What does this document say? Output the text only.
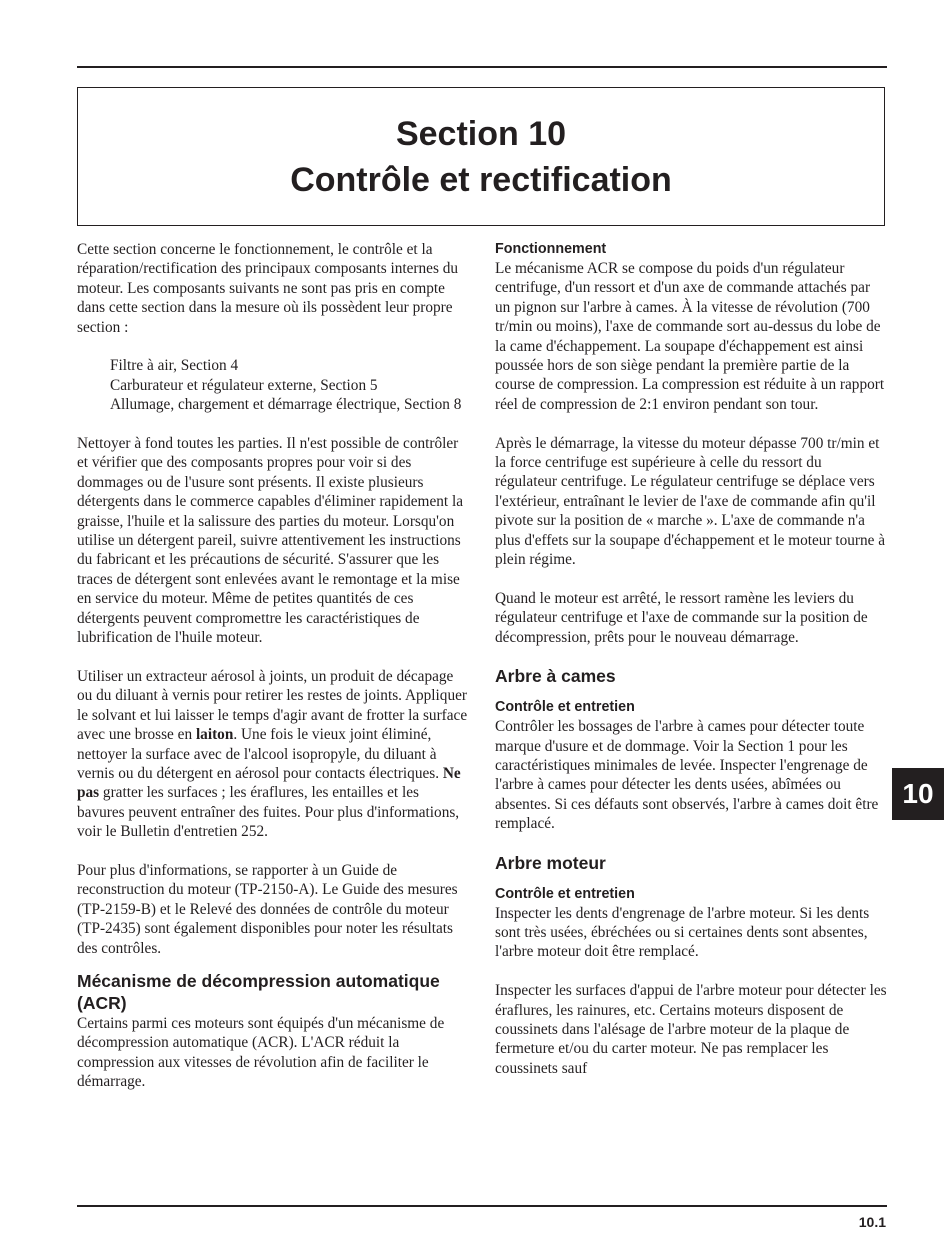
Section 10
Contrôle et rectification

Cette section concerne le fonctionnement, le contrôle et la réparation/rectification des principaux composants internes du moteur. Les composants suivants ne sont pas pris en compte dans cette section dans la mesure où ils possèdent leur propre section :

Filtre à air, Section 4
Carburateur et régulateur externe, Section 5
Allumage, chargement et démarrage électrique, Section 8

Nettoyer à fond toutes les parties. Il n'est possible de contrôler et vérifier que des composants propres pour voir si des dommages ou de l'usure sont présents. Il existe plusieurs détergents dans le commerce capables d'éliminer rapidement la graisse, l'huile et la salissure des parties du moteur. Lorsqu'on utilise un détergent pareil, suivre attentivement les instructions du fabricant et les précautions de sécurité. S'assurer que les traces de détergent sont enlevées avant le remontage et la mise en service du moteur. Même de petites quantités de ces détergents peuvent compromettre les caractéristiques de lubrification de l'huile moteur.

Utiliser un extracteur aérosol à joints, un produit de décapage ou du diluant à vernis pour retirer les restes de joints. Appliquer le solvant et lui laisser le temps d'agir avant de frotter la surface avec une brosse en laiton. Une fois le vieux joint éliminé, nettoyer la surface avec de l'alcool isopropyle, du diluant à vernis ou du détergent en aérosol pour contacts électriques. Ne pas gratter les surfaces ; les éraflures, les entailles et les bavures peuvent entraîner des fuites. Pour plus d'informations, voir le Bulletin d'entretien 252.

Pour plus d'informations, se rapporter à un Guide de reconstruction du moteur (TP-2150-A). Le Guide des mesures (TP-2159-B) et le Relevé des données de contrôle du moteur (TP-2435) sont également disponibles pour noter les résultats des contrôles.

Mécanisme de décompression automatique (ACR)

Certains parmi ces moteurs sont équipés d'un mécanisme de décompression automatique (ACR). L'ACR réduit la compression aux vitesses de révolution afin de faciliter le démarrage.

Fonctionnement

Le mécanisme ACR se compose du poids d'un régulateur centrifuge, d'un ressort et d'un axe de commande attachés par un pignon sur l'arbre à cames. À la vitesse de révolution (700 tr/min ou moins), l'axe de commande sort au-dessus du lobe de la came d'échappement. La soupape d'échappement est ainsi poussée hors de son siège pendant la première partie de la course de compression. La compression est réduite à un rapport réel de compression de 2:1 environ pendant son tour.

Après le démarrage, la vitesse du moteur dépasse 700 tr/min et la force centrifuge est supérieure à celle du ressort du régulateur centrifuge. Le régulateur centrifuge se déplace vers l'extérieur, entraînant le levier de l'axe de commande afin qu'il pivote sur la position de « marche ». L'axe de commande n'a plus d'effets sur la soupape d'échappement et le moteur tourne à plein régime.

Quand le moteur est arrêté, le ressort ramène les leviers du régulateur centrifuge et l'axe de commande sur la position de décompression, prêts pour le nouveau démarrage.

Arbre à cames
Contrôle et entretien

Contrôler les bossages de l'arbre à cames pour détecter toute marque d'usure et de dommage. Voir la Section 1 pour les caractéristiques minimales de levée. Inspecter l'engrenage de l'arbre à cames pour détecter les dents usées, abîmées ou absentes. Si ces défauts sont observés, l'arbre à cames doit être remplacé.

Arbre moteur
Contrôle et entretien

Inspecter les dents d'engrenage de l'arbre moteur. Si les dents sont très usées, ébréchées ou si certaines dents sont absentes, l'arbre moteur doit être remplacé.

Inspecter les surfaces d'appui de l'arbre moteur pour détecter les éraflures, les rainures, etc. Certains moteurs disposent de coussinets dans l'alésage de l'arbre moteur de la plaque de fermeture et/ou du carter moteur. Ne pas remplacer les coussinets sauf

10
10.1
